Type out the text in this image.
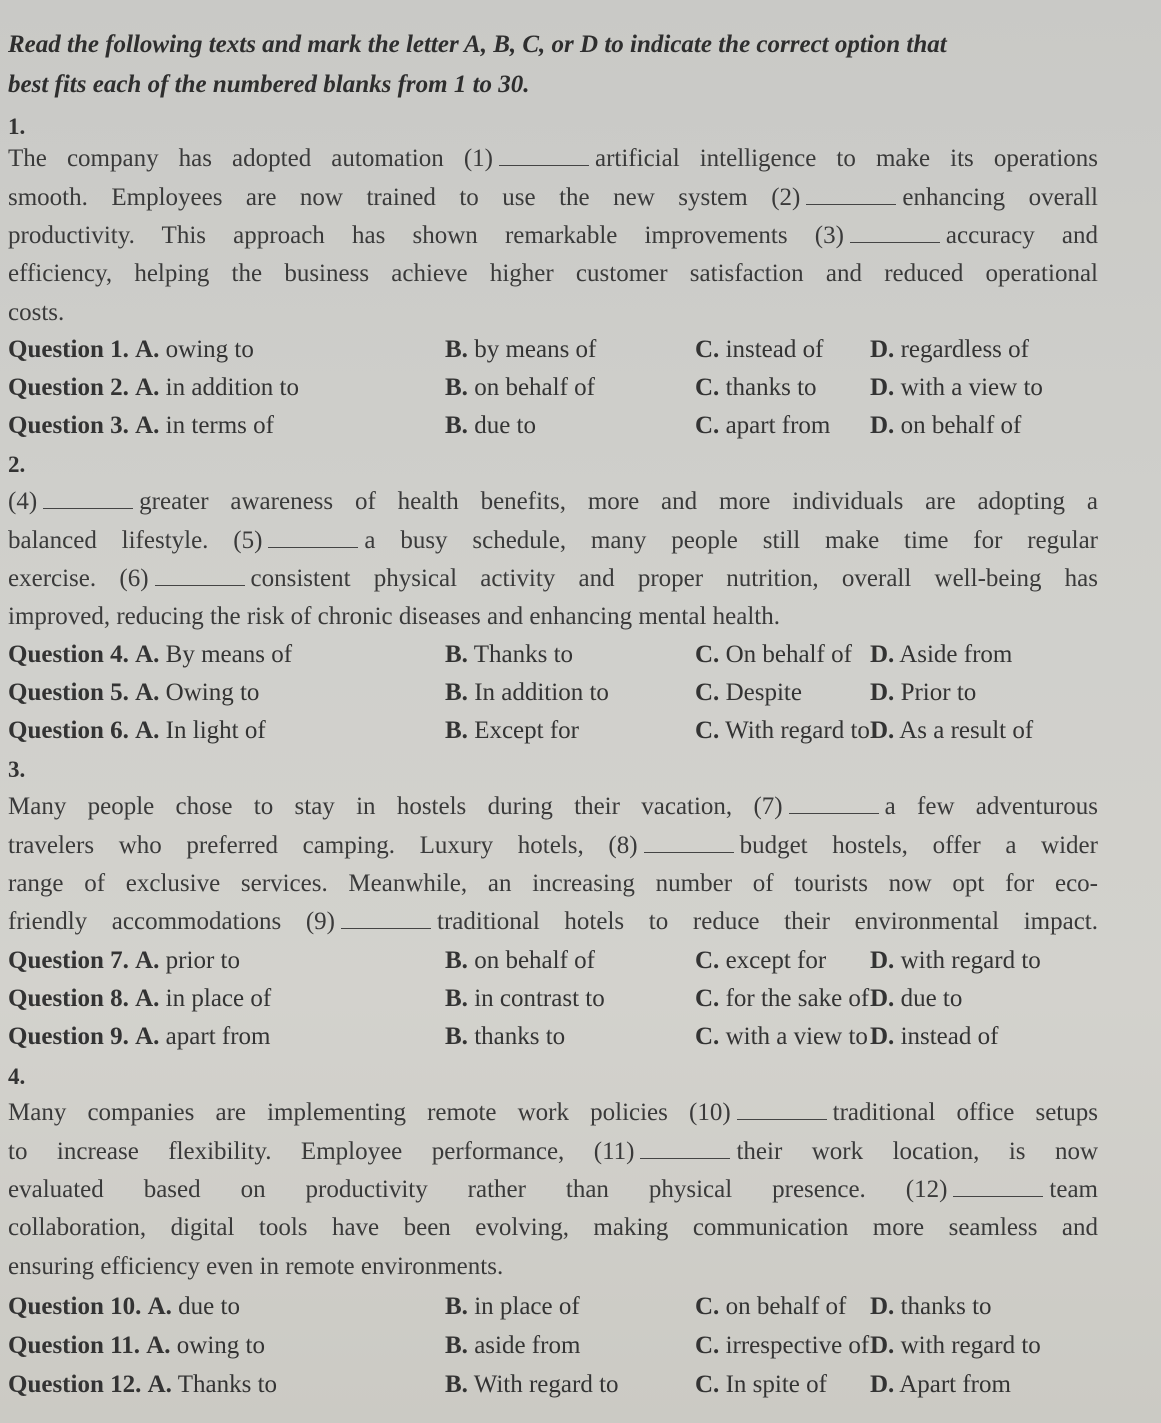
Read the following texts and mark the letter A, B, C, or D to indicate the correct option that
best fits each of the numbered blanks from 1 to 30.
1.
The company has adopted automation (1)	artificial intelligence to make its operations
smooth. Employees are now trained to use the new system (2)	enhancing overall
productivity. This approach has shown remarkable improvements (3)	accuracy and
efficiency, helping the business achieve higher customer satisfaction and reduced operational
costs.
Question 1. A. owing to	B. by means of	C. instead of D. regardless of
Question 2. A. in addition to	B. on behalf of	C. thanks to D. with a view to
Question 3. A. in terms of	B. due to	C. apart from D. on behalf of
2.
(4)	greater awareness of health benefits, more and more individuals are adopting a
balanced lifestyle. (5)	a busy schedule, many people still make time for regular
exercise. (6)	consistent physical activity and proper nutrition, overall well-being has
improved, reducing the risk of chronic diseases and enhancing mental health.
Question 4. A. By means of	B. Thanks to	C. On behalf of D. Aside from
Question 5. A. Owing to	B. In addition to	C. Despite	D. Prior to
Question 6. A. In light of	B. Except for	C. With regard to D. As a result of
3.
Many people chose to stay in hostels during their vacation, (7)	a few adventurous
travelers who preferred camping. Luxury hotels, (8)	budget hostels, offer a wider
range of exclusive services. Meanwhile, an increasing number of tourists now opt for eco-
friendly accommodations (9)	traditional hotels to reduce their environmental impact.
Question 7. A. prior to	B. on behalf of	C. except for D. with regard to
Question 8. A. in place of	B. in contrast to	C. for the sake of D. due to
Question 9. A. apart from	B. thanks to	C. with a view to D. instead of
4.
Many companies are implementing remote work policies (10)	traditional office setups
to increase flexibility. Employee performance, (11)	their work location, is now
evaluated based on productivity rather than physical presence. (12)	team
collaboration, digital tools have been evolving, making communication more seamless and
ensuring efficiency even in remote environments.
Question 10. A. due to	B. in place of	C. on behalf of D. thanks to
Question 11. A. owing to	B. aside from	C. irrespective of D. with regard to
Question 12. A. Thanks to	B. With regard to	C. In spite of D. Apart from
